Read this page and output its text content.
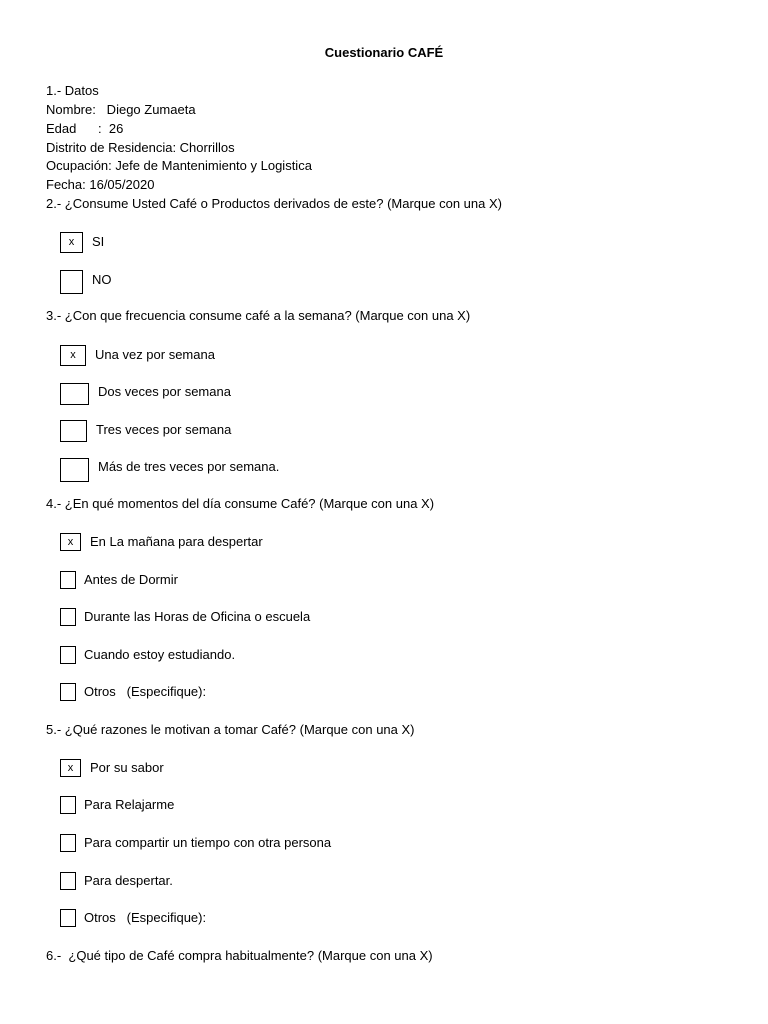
Cuestionario CAFÉ
1.- Datos
Nombre:   Diego Zumaeta
Edad      :  26
Distrito de Residencia: Chorrillos
Ocupación: Jefe de Mantenimiento y Logistica
Fecha: 16/05/2020
2.- ¿Consume Usted Café o Productos derivados de este? (Marque con una X)
x	SI
NO
3.- ¿Con que frecuencia consume café a la semana? (Marque con una X)
x	Una vez por semana
Dos veces por semana
Tres veces por semana
Más de tres veces por semana.
4.- ¿En qué momentos del día consume Café? (Marque con una X)
x	En La mañana para despertar
Antes de Dormir
Durante las Horas de Oficina o escuela
Cuando estoy estudiando.
Otros   (Especifique):
5.- ¿Qué razones le motivan a tomar Café? (Marque con una X)
x	Por su sabor
Para Relajarme
Para compartir un tiempo con otra persona
Para despertar.
Otros   (Especifique):
6.-  ¿Qué tipo de Café compra habitualmente? (Marque con una X)
